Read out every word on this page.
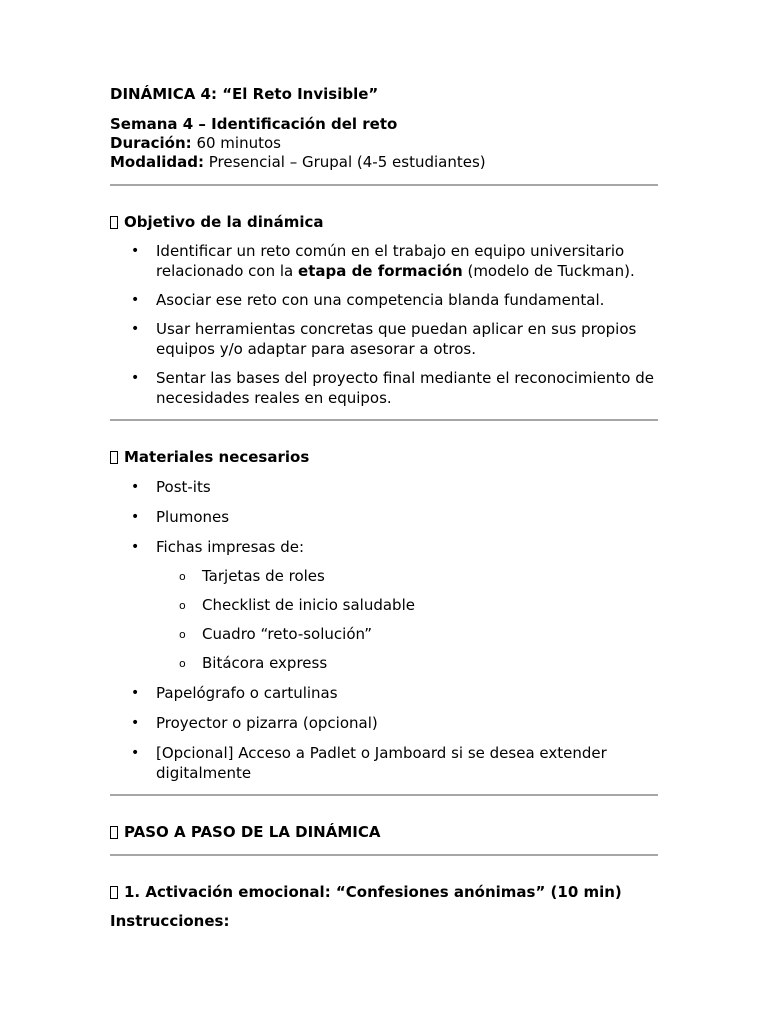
DINÁMICA 4: “El Reto Invisible”
Semana 4 – Identificación del reto
Duración: 60 minutos
Modalidad: Presencial – Grupal (4-5 estudiantes)
Objetivo de la dinámica
• Identificar un reto común en el trabajo en equipo universitario relacionado con la etapa de formación (modelo de Tuckman).
• Asociar ese reto con una competencia blanda fundamental.
• Usar herramientas concretas que puedan aplicar en sus propios equipos y/o adaptar para asesorar a otros.
• Sentar las bases del proyecto final mediante el reconocimiento de necesidades reales en equipos.
Materiales necesarios
• Post-its
• Plumones
• Fichas impresas de:
o Tarjetas de roles
o Checklist de inicio saludable
o Cuadro “reto-solución”
o Bitácora express
• Papelógrafo o cartulinas
• Proyector o pizarra (opcional)
• [Opcional] Acceso a Padlet o Jamboard si se desea extender digitalmente
PASO A PASO DE LA DINÁMICA
1. Activación emocional: “Confesiones anónimas” (10 min)
Instrucciones:
